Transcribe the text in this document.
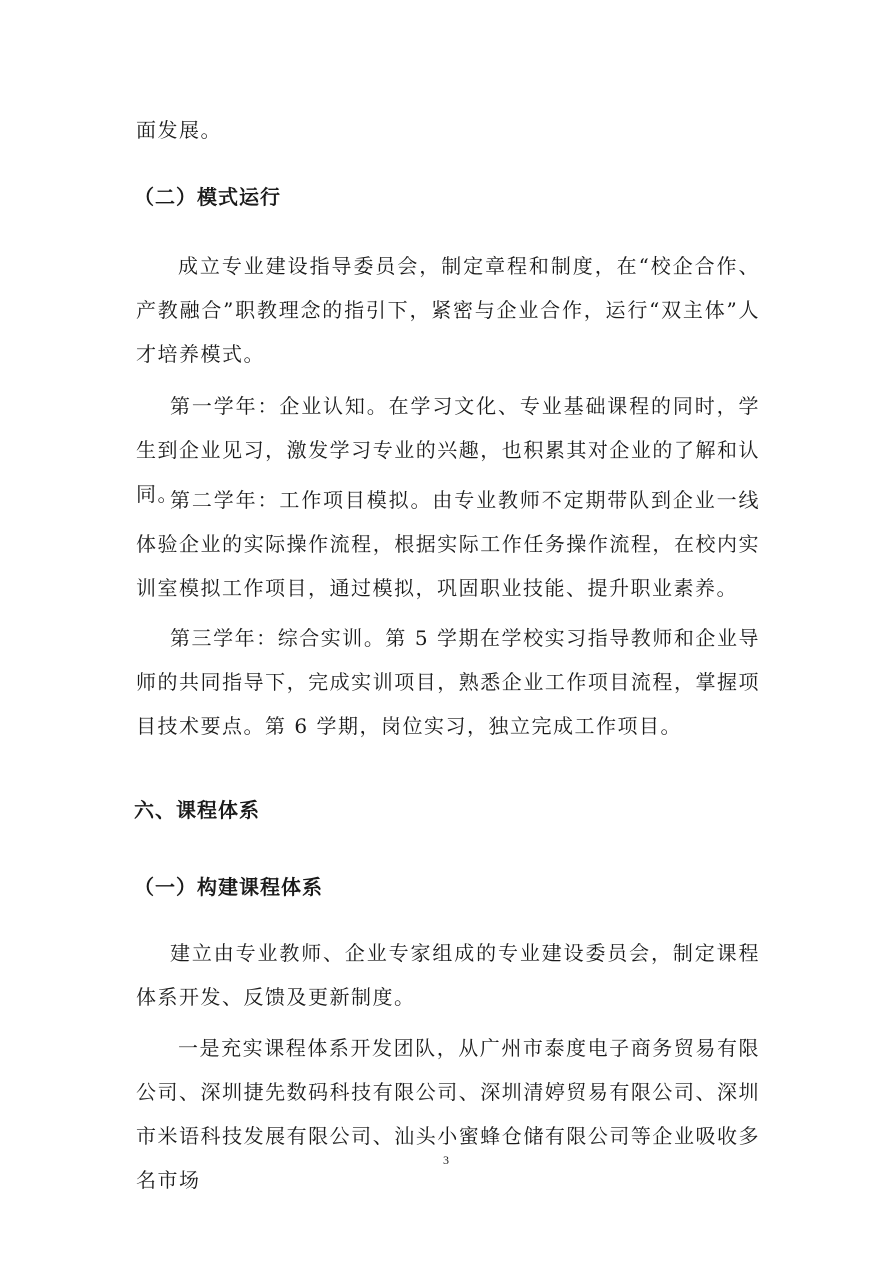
面发展。

（二）模式运行

成立专业建设指导委员会，制定章程和制度，在“校企合作、产教融合”职教理念的指引下，紧密与企业合作，运行“双主体”人才培养模式。

第一学年：企业认知。在学习文化、专业基础课程的同时，学生到企业见习，激发学习专业的兴趣，也积累其对企业的了解和认同。

第二学年：工作项目模拟。由专业教师不定期带队到企业一线体验企业的实际操作流程，根据实际工作任务操作流程，在校内实训室模拟工作项目，通过模拟，巩固职业技能、提升职业素养。

第三学年：综合实训。第 5 学期在学校实习指导教师和企业导师的共同指导下，完成实训项目，熟悉企业工作项目流程，掌握项目技术要点。第 6 学期，岗位实习，独立完成工作项目。

六、课程体系
（一）构建课程体系

建立由专业教师、企业专家组成的专业建设委员会，制定课程体系开发、反馈及更新制度。

一是充实课程体系开发团队，从广州市泰度电子商务贸易有限公司、深圳捷先数码科技有限公司、深圳清婷贸易有限公司、深圳市米语科技发展有限公司、汕头小蜜蜂仓储有限公司等企业吸收多名市场

3
